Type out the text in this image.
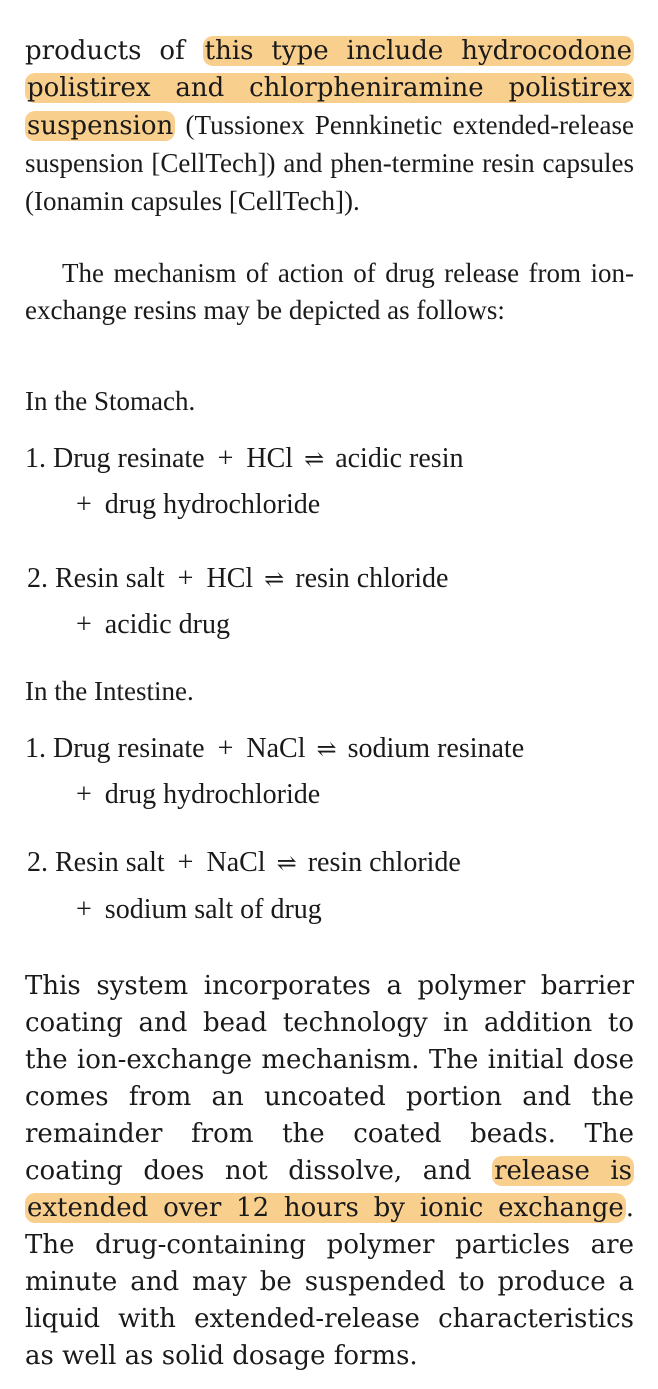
products of this type include hydrocodone polistirex and chlorpheniramine polistirex suspension (Tussionex Pennkinetic extended-release suspension [CellTech]) and phen-termine resin capsules (Ionamin capsules [CellTech]).

The mechanism of action of drug release from ion-exchange resins may be depicted as follows:

In the Stomach.

1. Drug resinate + HCl ⇌ acidic resin

+ drug hydrochloride

2. Resin salt + HCl ⇌ resin chloride

+ acidic drug

In the Intestine.

1. Drug resinate + NaCl ⇌ sodium resinate

+ drug hydrochloride

2. Resin salt + NaCl ⇌ resin chloride

+ sodium salt of drug

This system incorporates a polymer barrier coating and bead technology in addition to the ion-exchange mechanism. The initial dose comes from an uncoated portion and the remainder from the coated beads. The coating does not dissolve, and release is extended over 12 hours by ionic exchange. The drug-containing polymer particles are minute and may be suspended to produce a liquid with extended-release characteristics as well as solid dosage forms.
